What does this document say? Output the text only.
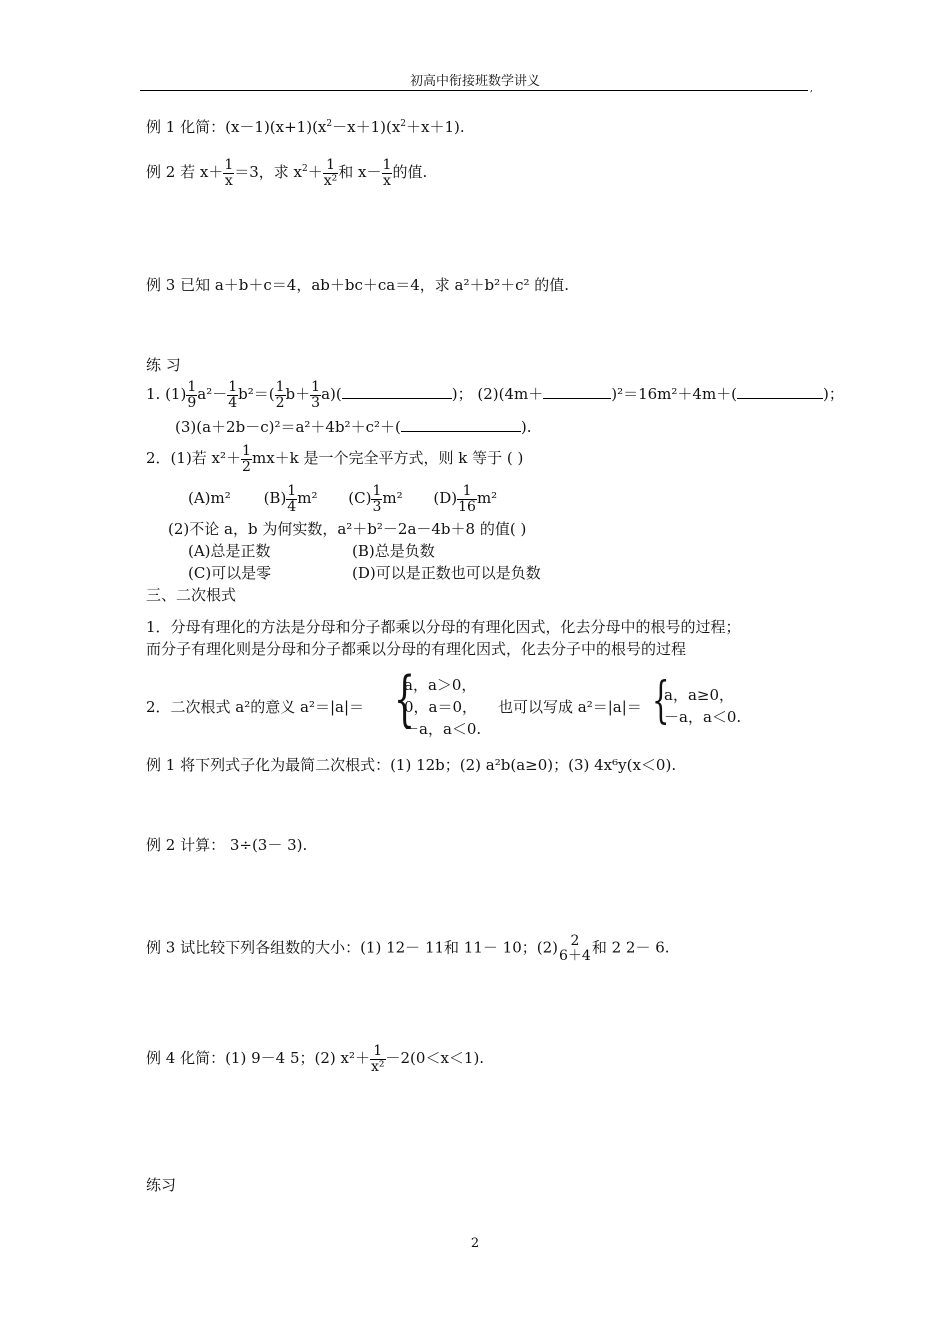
初高中衔接班数学讲义	,
例 1 化简：$(x-1)(x+1)(x^2-x+1)(x^2+x+1)$.
例 2 若 $x+ \frac{1}{x} =3$，求 $x^2+ \frac{1}{\text{x²}}$ 和 $x- \frac{1}{x}$ 的值.
例 3 已知 a＋b＋c＝4，ab＋bc＋ca＝4，求 a²＋b²＋c² 的值.
练 习
1. $(1) \frac{1}{9} a^2- \frac{1}{4} b^2=( \frac{1}{2} b+ \frac{1}{3} a)$(	)； (2)(4m＋	)²＝16m²＋4m＋(	)；
(3)(a＋2b－c)²＝a²＋4b²＋c²＋(	).
2．(1)若 $x^2+ \frac{1}{2} mx+k$ 是一个完全平方式，则 k 等于 ( )
(A)m² $(B) \frac{1}{4} m^2$ $(C) \frac{1}{3} m^2$ $(D) \frac{1}{16} m^2$
(2)不论 a，b 为何实数，a²＋b²－2a－4b＋8 的值( )
(A)总是正数	(B)总是负数
(C)可以是零	(D)可以是正数也可以是负数
三、二次根式
1．分母有理化的方法是分母和分子都乘以分母的有理化因式，化去分母中的根号的过程；
而分子有理化则是分母和分子都乘以分母的有理化因式，化去分子中的根号的过程
2．二次根式 a²的意义 a²＝|a|＝ {
a，a＞0，
0，a＝0，
－a，a＜0.
也可以写成 a²＝|a|＝ {
a，a≥0，
－a，a＜0.
例 1 将下列式子化为最简二次根式：(1) 12b；(2) a²b(a≥0)；(3) 4x⁶y(x＜0).
例 2 计算： 3÷(3－ 3).
例 3 试比较下列各组数的大小：(1) 12－ 11和 11－ 10；(2) 2
6＋4 和 2 2－ 6.
例 4 化简：(1) 9－4 5；(2) $x^2+ \frac{1}{\text{x²}} -2(0<x<1)$.
练习
2
